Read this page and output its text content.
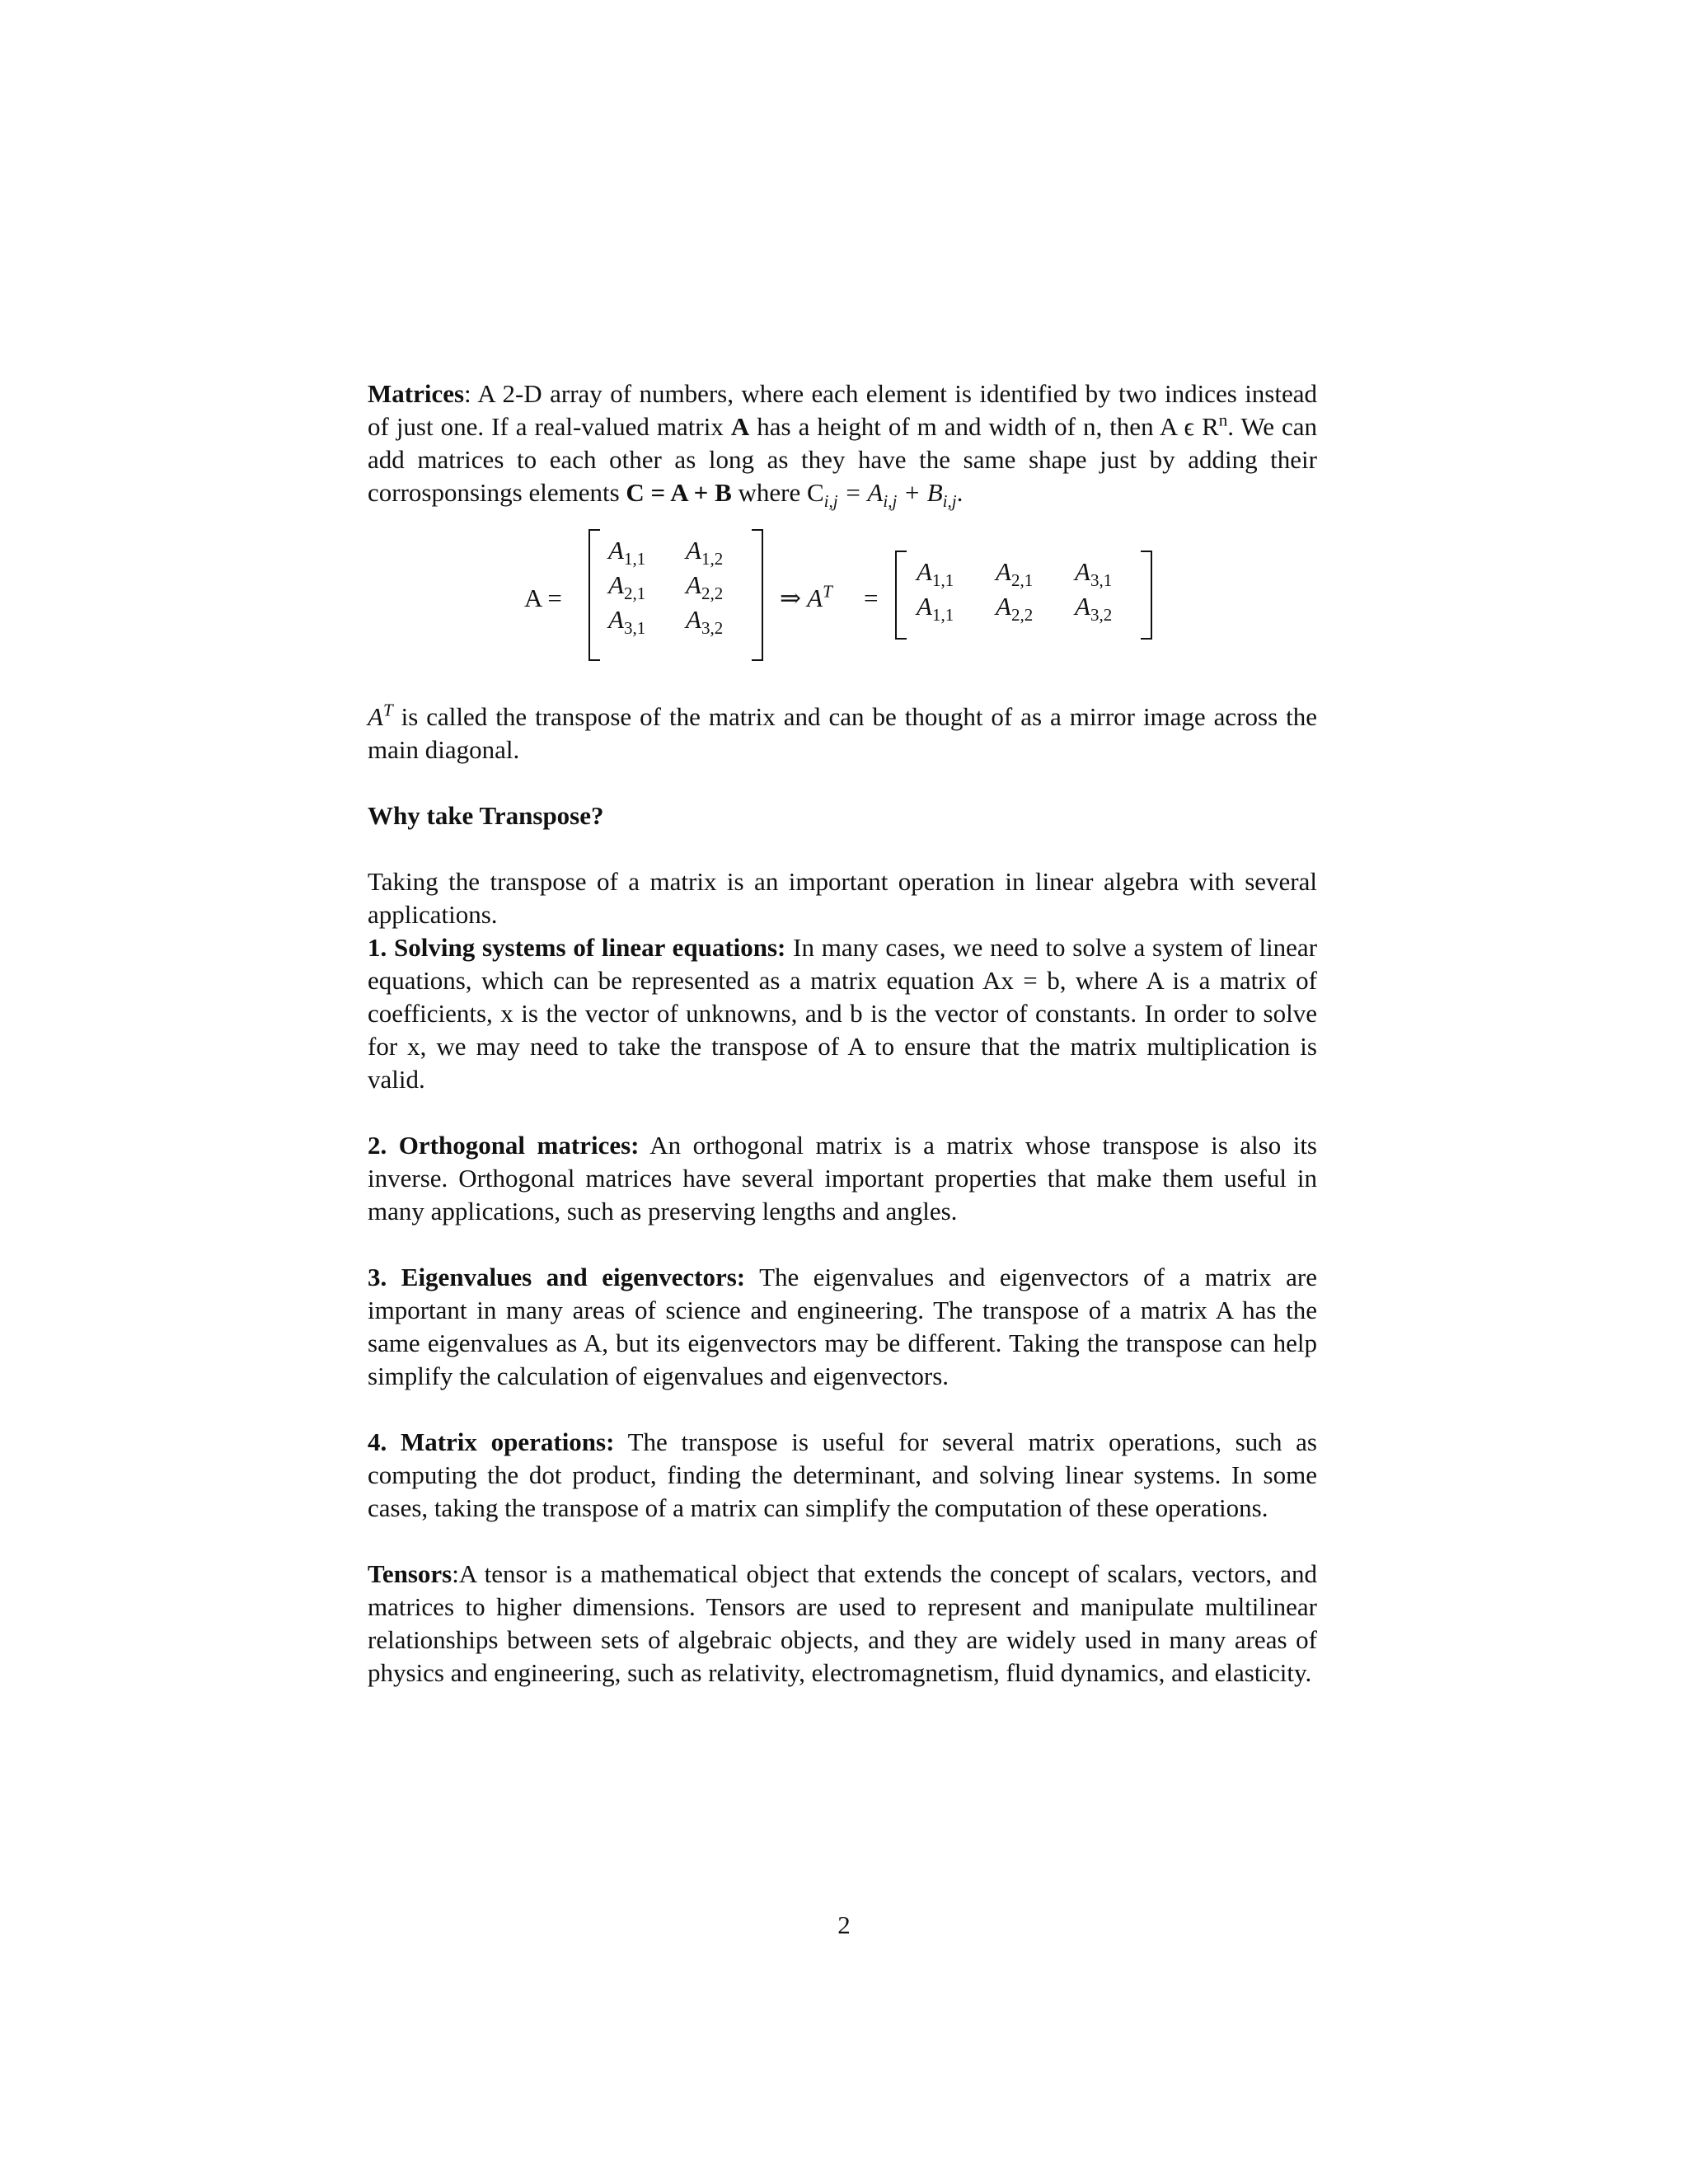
Matrices: A 2-D array of numbers, where each element is identified by two indices instead of just one. If a real-valued matrix A has a height of m and width of n, then A ϵ $R^n$. We can add matrices to each other as long as they have the same shape just by adding their corrosponsings elements C = A + B where $C_{i,j} = A_{i,j} + B_{i,j}$.

A =
$A_{1,1}$ $A_{1,2}$
$A_{2,1}$ $A_{2,2}$
$A_{3,1}$ $A_{3,2}$
⇒ $A^T$ =
$A_{1,1}$ $A_{2,1}$ $A_{3,1}$
$A_{1,1}$ $A_{2,2}$ $A_{3,2}$

$A^T$ is called the transpose of the matrix and can be thought of as a mirror image across the main diagonal.

Why take Transpose?

Taking the transpose of a matrix is an important operation in linear algebra with several applications.

1. Solving systems of linear equations: In many cases, we need to solve a system of linear equations, which can be represented as a matrix equation Ax = b, where A is a matrix of coefficients, x is the vector of unknowns, and b is the vector of constants. In order to solve for x, we may need to take the transpose of A to ensure that the matrix multiplication is valid.

2. Orthogonal matrices: An orthogonal matrix is a matrix whose transpose is also its inverse. Orthogonal matrices have several important properties that make them useful in many applications, such as preserving lengths and angles.

3. Eigenvalues and eigenvectors: The eigenvalues and eigenvectors of a matrix are important in many areas of science and engineering. The transpose of a matrix A has the same eigenvalues as A, but its eigenvectors may be different. Taking the transpose can help simplify the calculation of eigenvalues and eigenvectors.

4. Matrix operations: The transpose is useful for several matrix operations, such as computing the dot product, finding the determinant, and solving linear systems. In some cases, taking the transpose of a matrix can simplify the computation of these operations.

Tensors:A tensor is a mathematical object that extends the concept of scalars, vectors, and matrices to higher dimensions. Tensors are used to represent and manipulate multilinear relationships between sets of algebraic objects, and they are widely used in many areas of physics and engineering, such as relativity, electromagnetism, fluid dynamics, and elasticity.

2
